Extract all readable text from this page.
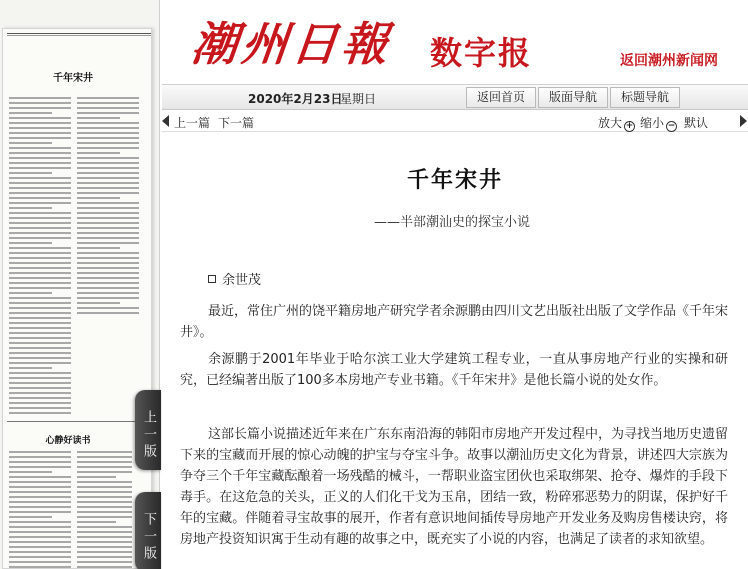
千年宋井
心静好读书	上一版
下一版
潮州日報 数字报	返回潮州新闻网
2020年2月23日
星期日	返回首页	版面导航	标题导航
上一篇 下一篇	放大 + 缩小 − 默认
千年宋井
——半部潮汕史的探宝小说
余世茂

最近，常住广州的饶平籍房地产研究学者余源鹏由四川文艺出版社出版了文学作品《千年宋井》。

余源鹏于2001年毕业于哈尔滨工业大学建筑工程专业，一直从事房地产行业的实操和研究，已经编著出版了100多本房地产专业书籍。《千年宋井》是他长篇小说的处女作。

这部长篇小说描述近年来在广东东南沿海的韩阳市房地产开发过程中，为寻找当地历史遗留下来的宝藏而开展的惊心动魄的护宝与夺宝斗争。故事以潮汕历史文化为背景，讲述四大宗族为争夺三个千年宝藏酝酿着一场残酷的械斗，一帮职业盗宝团伙也采取绑架、抢夺、爆炸的手段下毒手。在这危急的关头，正义的人们化干戈为玉帛，团结一致，粉碎邪恶势力的阴谋，保护好千年的宝藏。伴随着寻宝故事的展开，作者有意识地间插传导房地产开发业务及购房售楼诀窍，将房地产投资知识寓于生动有趣的故事之中，既充实了小说的内容，也满足了读者的求知欲望。
